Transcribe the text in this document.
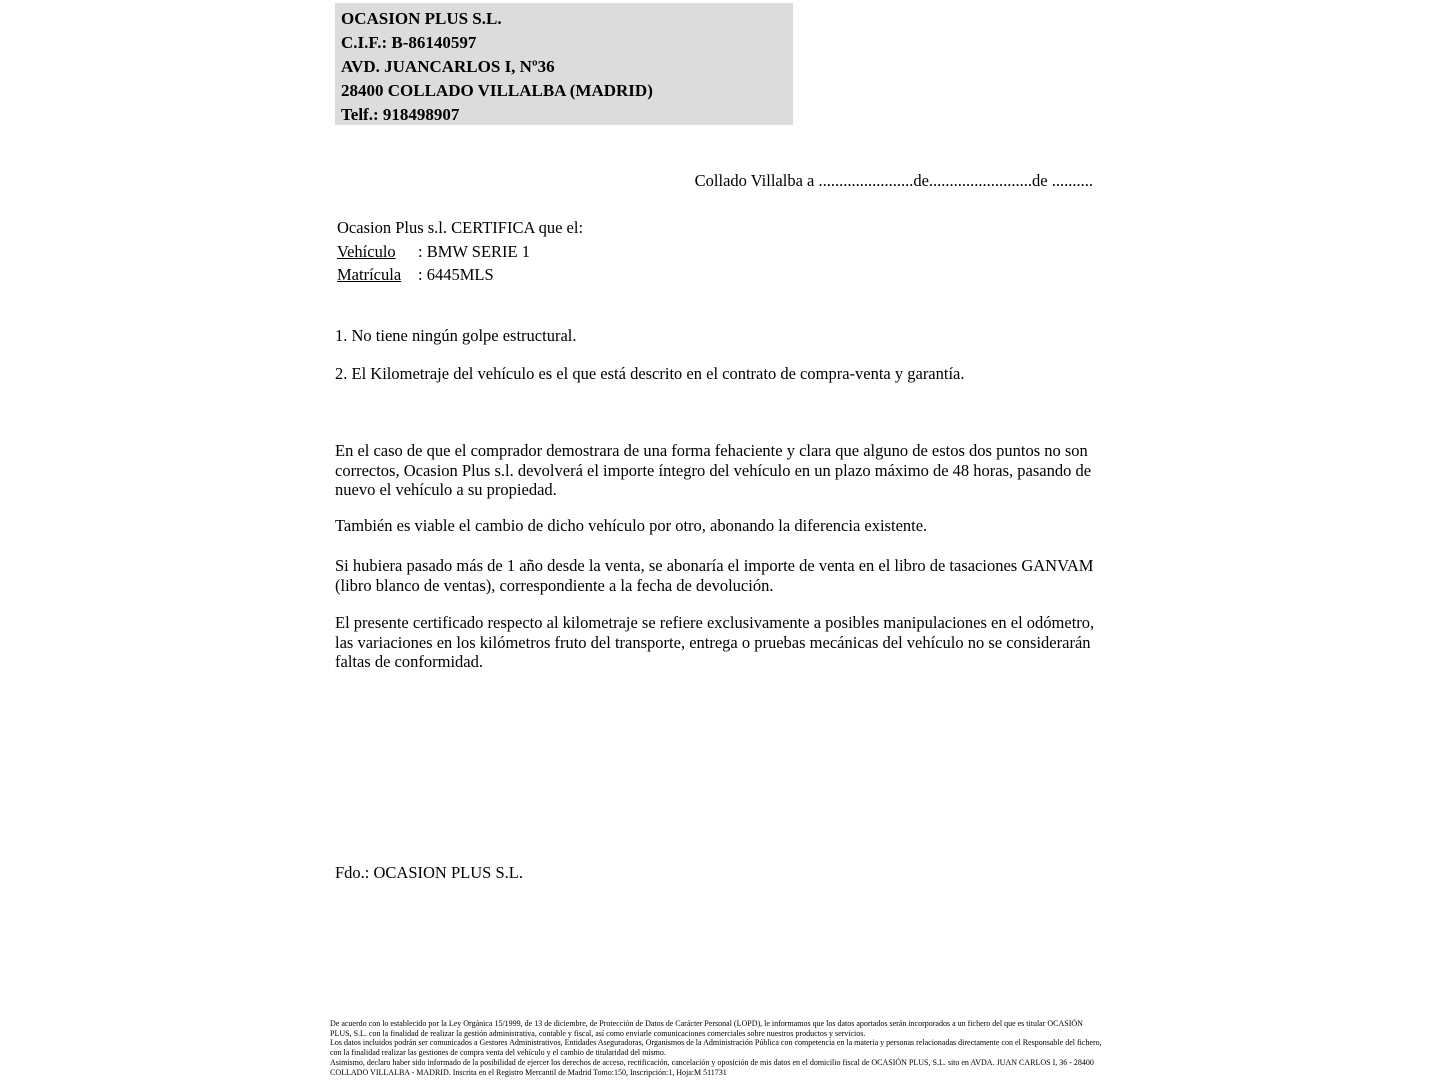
OCASION PLUS S.L.
C.I.F.: B-86140597
AVD. JUANCARLOS I, Nº36
28400 COLLADO VILLALBA (MADRID)
Telf.: 918498907
Collado Villalba a .......................de.........................de ..........
Ocasion Plus s.l. CERTIFICA que el:
Vehículo : BMW SERIE 1
Matrícula : 6445MLS

1. No tiene ningún golpe estructural.

2. El Kilometraje del vehículo es el que está descrito en el contrato de compra-venta y garantía.

En el caso de que el comprador demostrara de una forma fehaciente y clara que alguno de estos dos puntos no son correctos, Ocasion Plus s.l. devolverá el importe íntegro del vehículo en un plazo máximo de 48 horas, pasando de nuevo el vehículo a su propiedad.

También es viable el cambio de dicho vehículo por otro, abonando la diferencia existente.

Si hubiera pasado más de 1 año desde la venta, se abonaría el importe de venta en el libro de tasaciones GANVAM (libro blanco de ventas), correspondiente a la fecha de devolución.

El presente certificado respecto al kilometraje se refiere exclusivamente a posibles manipulaciones en el odómetro, las variaciones en los kilómetros fruto del transporte, entrega o pruebas mecánicas del vehículo no se considerarán faltas de conformidad.

Fdo.: OCASION PLUS S.L.

De acuerdo con lo establecido por la Ley Orgánica 15/1999, de 13 de diciembre, de Protección de Datos de Carácter Personal (LOPD), le informamos que los datos aportados serán incorporados a un fichero del que es titular OCASIÓN PLUS, S.L. con la finalidad de realizar la gestión administrativa, contable y fiscal, así como enviarle comunicaciones comerciales sobre nuestros productos y servicios.

Los datos incluidos podrán ser comunicados a Gestores Administrativos, Entidades Aseguradoras, Organismos de la Administración Pública con competencia en la materia y personas relacionadas directamente con el Responsable del fichero, con la finalidad realizar las gestiones de compra venta del vehículo y el cambio de titularidad del mismo.

Asimismo, declaro haber sido informado de la posibilidad de ejercer los derechos de acceso, rectificación, cancelación y oposición de mis datos en el domicilio fiscal de OCASIÓN PLUS, S.L. sito en AVDA. JUAN CARLOS I, 36 - 28400 COLLADO VILLALBA - MADRID. Inscrita en el Registro Mercantil de Madrid Tomo:150, Inscripción:1, Hoja:M 511731
